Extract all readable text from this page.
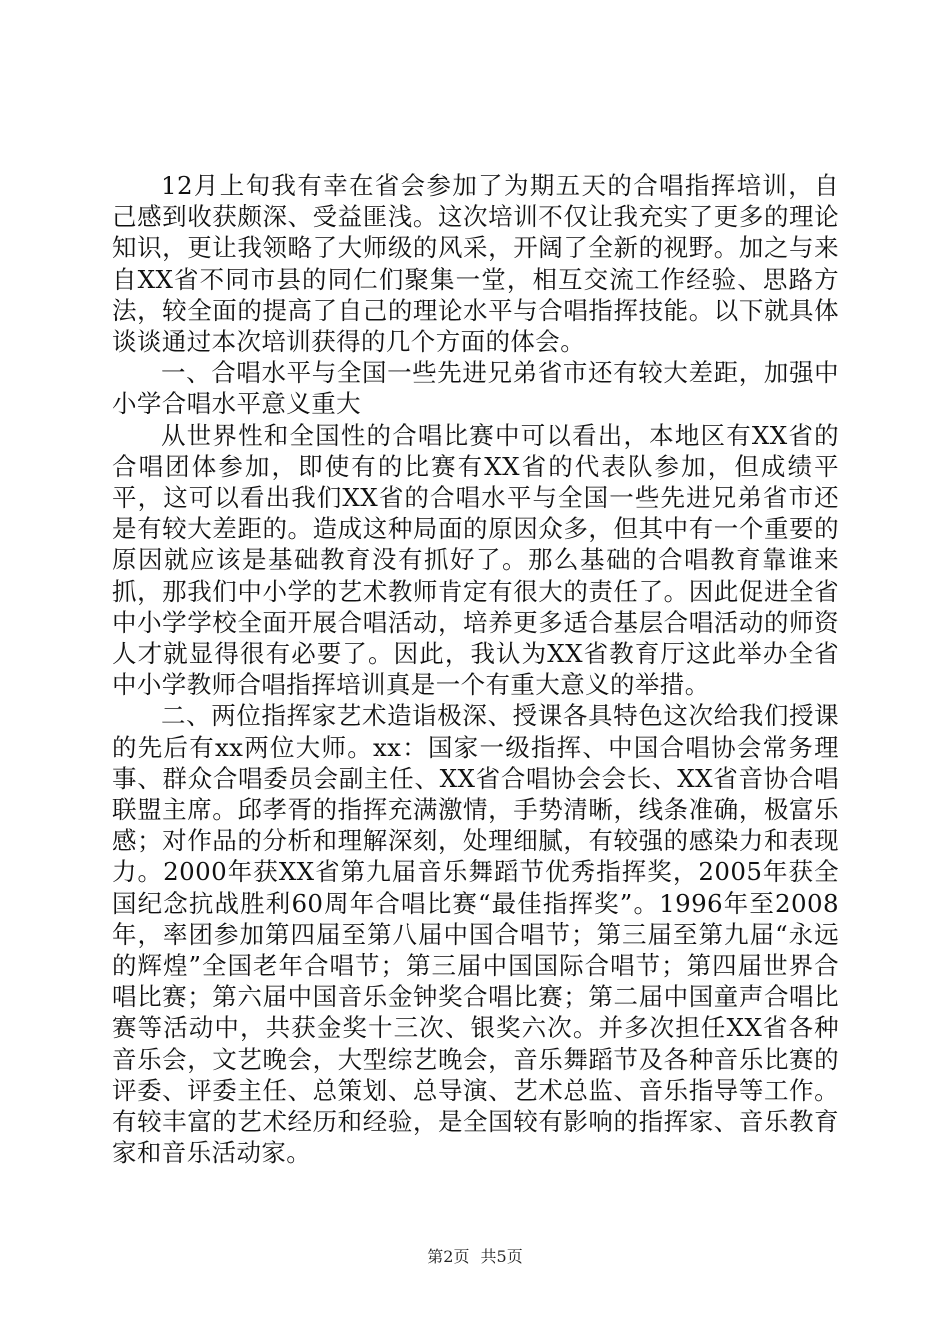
12月上旬我有幸在省会参加了为期五天的合唱指挥培训，自己感到收获颇深、受益匪浅。这次培训不仅让我充实了更多的理论知识，更让我领略了大师级的风采，开阔了全新的视野。加之与来自XX省不同市县的同仁们聚集一堂，相互交流工作经验、思路方法，较全面的提高了自己的理论水平与合唱指挥技能。以下就具体谈谈通过本次培训获得的几个方面的体会。

一、合唱水平与全国一些先进兄弟省市还有较大差距，加强中小学合唱水平意义重大

从世界性和全国性的合唱比赛中可以看出，本地区有XX省的合唱团体参加，即使有的比赛有XX省的代表队参加，但成绩平平，这可以看出我们XX省的合唱水平与全国一些先进兄弟省市还是有较大差距的。造成这种局面的原因众多，但其中有一个重要的原因就应该是基础教育没有抓好了。那么基础的合唱教育靠谁来抓，那我们中小学的艺术教师肯定有很大的责任了。因此促进全省中小学学校全面开展合唱活动，培养更多适合基层合唱活动的师资人才就显得很有必要了。因此，我认为XX省教育厅这此举办全省中小学教师合唱指挥培训真是一个有重大意义的举措。

二、两位指挥家艺术造诣极深、授课各具特色这次给我们授课的先后有xx两位大师。xx：国家一级指挥、中国合唱协会常务理事、群众合唱委员会副主任、XX省合唱协会会长、XX省音协合唱联盟主席。邱孝胥的指挥充满激情，手势清晰，线条准确，极富乐感；对作品的分析和理解深刻，处理细腻，有较强的感染力和表现力。2000年获XX省第九届音乐舞蹈节优秀指挥奖，2005年获全国纪念抗战胜利60周年合唱比赛“最佳指挥奖”。1996年至2008年，率团参加第四届至第八届中国合唱节；第三届至第九届“永远的辉煌”全国老年合唱节；第三届中国国际合唱节；第四届世界合唱比赛；第六届中国音乐金钟奖合唱比赛；第二届中国童声合唱比赛等活动中，共获金奖十三次、银奖六次。并多次担任XX省各种音乐会，文艺晚会，大型综艺晚会，音乐舞蹈节及各种音乐比赛的评委、评委主任、总策划、总导演、艺术总监、音乐指导等工作。有较丰富的艺术经历和经验，是全国较有影响的指挥家、音乐教育家和音乐活动家。

第2页 共5页
